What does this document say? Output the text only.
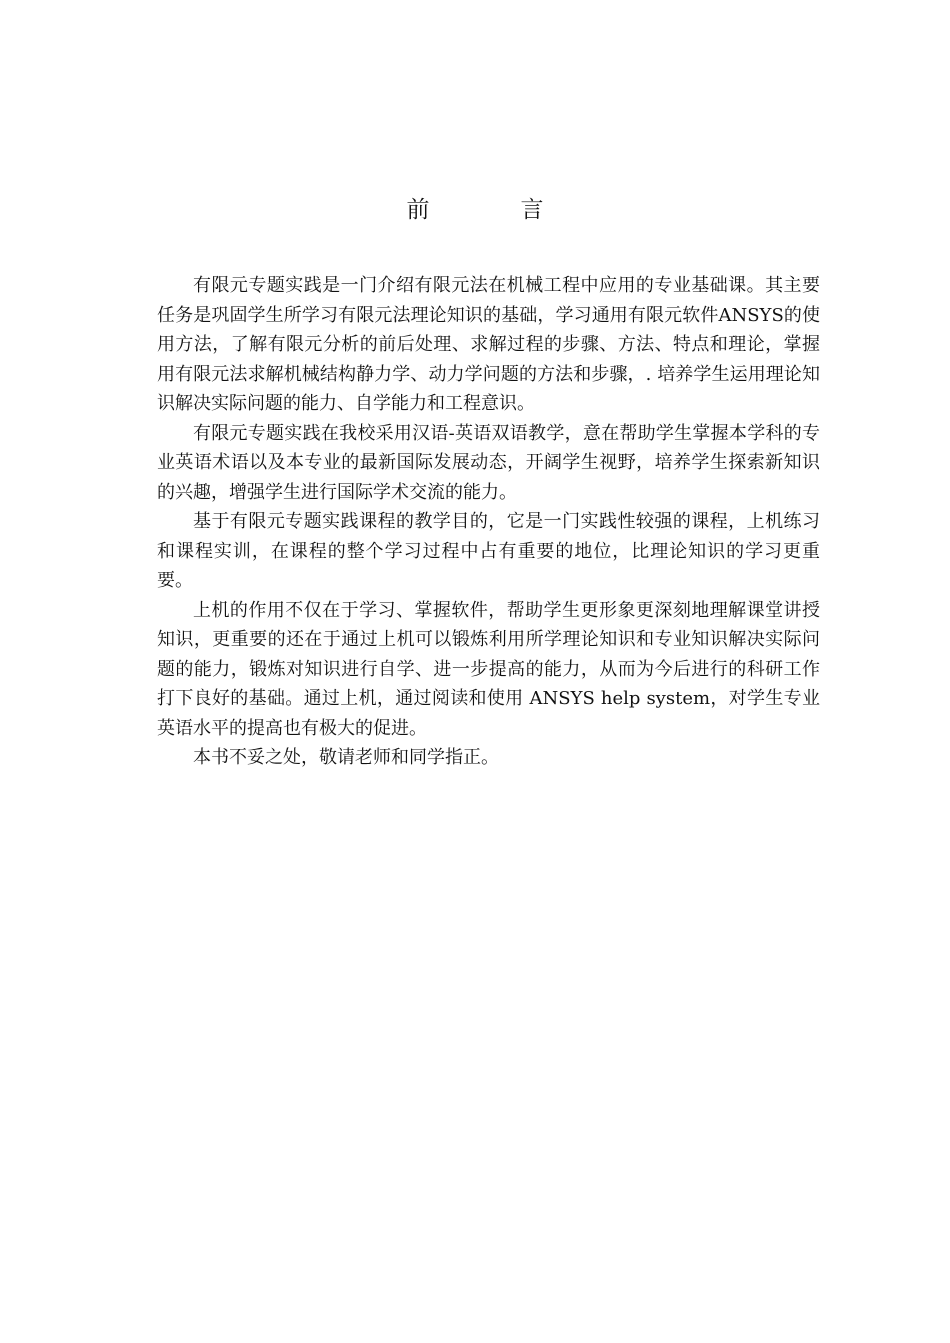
前　言

有限元专题实践是一门介绍有限元法在机械工程中应用的专业基础课。其主要任务是巩固学生所学习有限元法理论知识的基础，学习通用有限元软件ANSYS的使用方法，了解有限元分析的前后处理、求解过程的步骤、方法、特点和理论，掌握用有限元法求解机械结构静力学、动力学问题的方法和步骤，. 培养学生运用理论知识解决实际问题的能力、自学能力和工程意识。

有限元专题实践在我校采用汉语-英语双语教学，意在帮助学生掌握本学科的专业英语术语以及本专业的最新国际发展动态，开阔学生视野，培养学生探索新知识的兴趣，增强学生进行国际学术交流的能力。

基于有限元专题实践课程的教学目的，它是一门实践性较强的课程，上机练习和课程实训，在课程的整个学习过程中占有重要的地位，比理论知识的学习更重要。

上机的作用不仅在于学习、掌握软件，帮助学生更形象更深刻地理解课堂讲授知识，更重要的还在于通过上机可以锻炼利用所学理论知识和专业知识解决实际问题的能力，锻炼对知识进行自学、进一步提高的能力，从而为今后进行的科研工作打下良好的基础。通过上机，通过阅读和使用 ANSYS help system，对学生专业英语水平的提高也有极大的促进。

本书不妥之处，敬请老师和同学指正。
